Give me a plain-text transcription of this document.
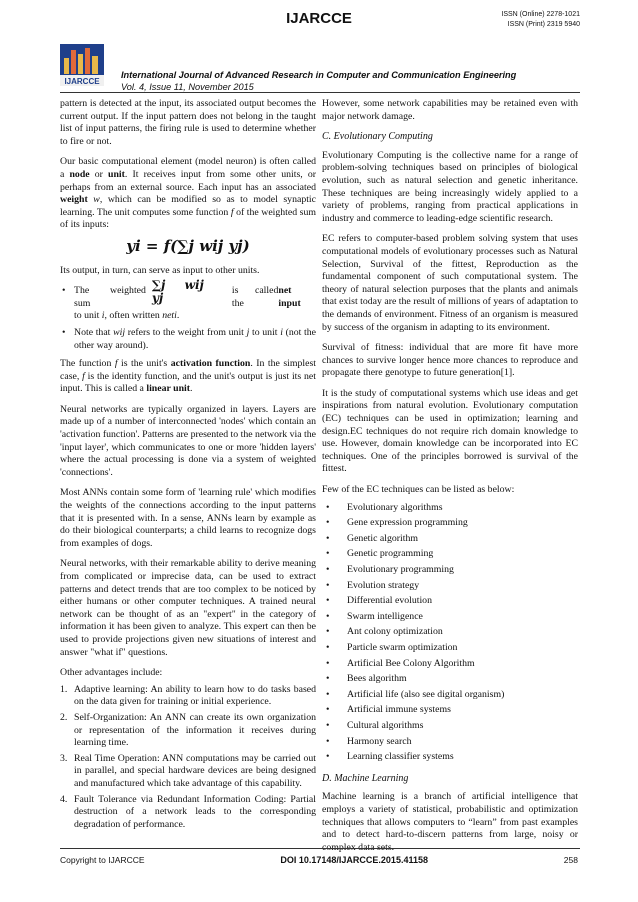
IJARCCE	ISSN (Online) 2278-1021
ISSN (Print) 2319 5940
IJARCCE
International Journal of Advanced Research in Computer and Communication Engineering
Vol. 4, Issue 11, November 2015

pattern is detected at the input, its associated output becomes the current output. If the input pattern does not belong in the taught list of input patterns, the firing rule is used to determine whether to fire or not.

Our basic computational element (model neuron) is often called a node or unit. It receives input from some other units, or perhaps from an external source. Each input has an associated weight w, which can be modified so as to model synaptic learning. The unit computes some function f of the weighted sum of its inputs:

yi = f(∑j wij yj)

Its output, in turn, can serve as input to other units.

• The weighted sum
∑j wij yj
is called the
net input
to unit i, often written neti.
• Note that wij refers to the weight from unit j to unit i (not the other way around).

The function f is the unit's activation function. In the simplest case, f is the identity function, and the unit's output is just its net input. This is called a linear unit.

Neural networks are typically organized in layers. Layers are made up of a number of interconnected 'nodes' which contain an 'activation function'. Patterns are presented to the network via the 'input layer', which communicates to one or more 'hidden layers' where the actual processing is done via a system of weighted 'connections'.

Most ANNs contain some form of 'learning rule' which modifies the weights of the connections according to the input patterns that it is presented with. In a sense, ANNs learn by example as do their biological counterparts; a child learns to recognize dogs from examples of dogs.

Neural networks, with their remarkable ability to derive meaning from complicated or imprecise data, can be used to extract patterns and detect trends that are too complex to be noticed by either humans or other computer techniques. A trained neural network can be thought of as an "expert" in the category of information it has been given to analyze. This expert can then be used to provide projections given new situations of interest and answer "what if" questions.

Other advantages include:

1. Adaptive learning: An ability to learn how to do tasks based on the data given for training or initial experience.
2. Self-Organization: An ANN can create its own organization or representation of the information it receives during learning time.
3. Real Time Operation: ANN computations may be carried out in parallel, and special hardware devices are being designed and manufactured which take advantage of this capability.
4. Fault Tolerance via Redundant Information Coding: Partial destruction of a network leads to the corresponding degradation of performance.

However, some network capabilities may be retained even with major network damage.

C. Evolutionary Computing

Evolutionary Computing is the collective name for a range of problem-solving techniques based on principles of biological evolution, such as natural selection and genetic inheritance. These techniques are being increasingly widely applied to a variety of problems, ranging from practical applications in industry and commerce to leading-edge scientific research.

EC refers to computer-based problem solving system that uses computational models of evolutionary processes such as Natural Selection, Survival of the fittest, Reproduction as the fundamental component of such computational system. The theory of natural selection purposes that the plants and animals that exist today are the result of millions of years of adaptation to the demands of environment. Fitness of an organism is measured by success of the organism in adapting to its environment.

Survival of fitness: individual that are more fit have more chances to survive longer hence more chances to reproduce and propagate there genotype to future generation[1].

It is the study of computational systems which use ideas and get inspirations from natural evolution. Evolutionary computation (EC) techniques can be used in optimization; learning and design.EC techniques do not require rich domain knowledge to use. However, domain knowledge can be incorporated into EC techniques. One of the principles borrowed is survival of the fittest.

Few of the EC techniques can be listed as below:

• Evolutionary algorithms
• Gene expression programming
• Genetic algorithm
• Genetic programming
• Evolutionary programming
• Evolution strategy
• Differential evolution
• Swarm intelligence
• Ant colony optimization
• Particle swarm optimization
• Artificial Bee Colony Algorithm
• Bees algorithm
• Artificial life (also see digital organism)
• Artificial immune systems
• Cultural algorithms
• Harmony search
• Learning classifier systems
D. Machine Learning

Machine learning is a branch of artificial intelligence that employs a variety of statistical, probabilistic and optimization techniques that allows computers to “learn” from past examples and to detect hard-to-discern patterns from large, noisy or complex data sets.

Copyright to IJARCCE	DOI 10.17148/IJARCCE.2015.41158	258
